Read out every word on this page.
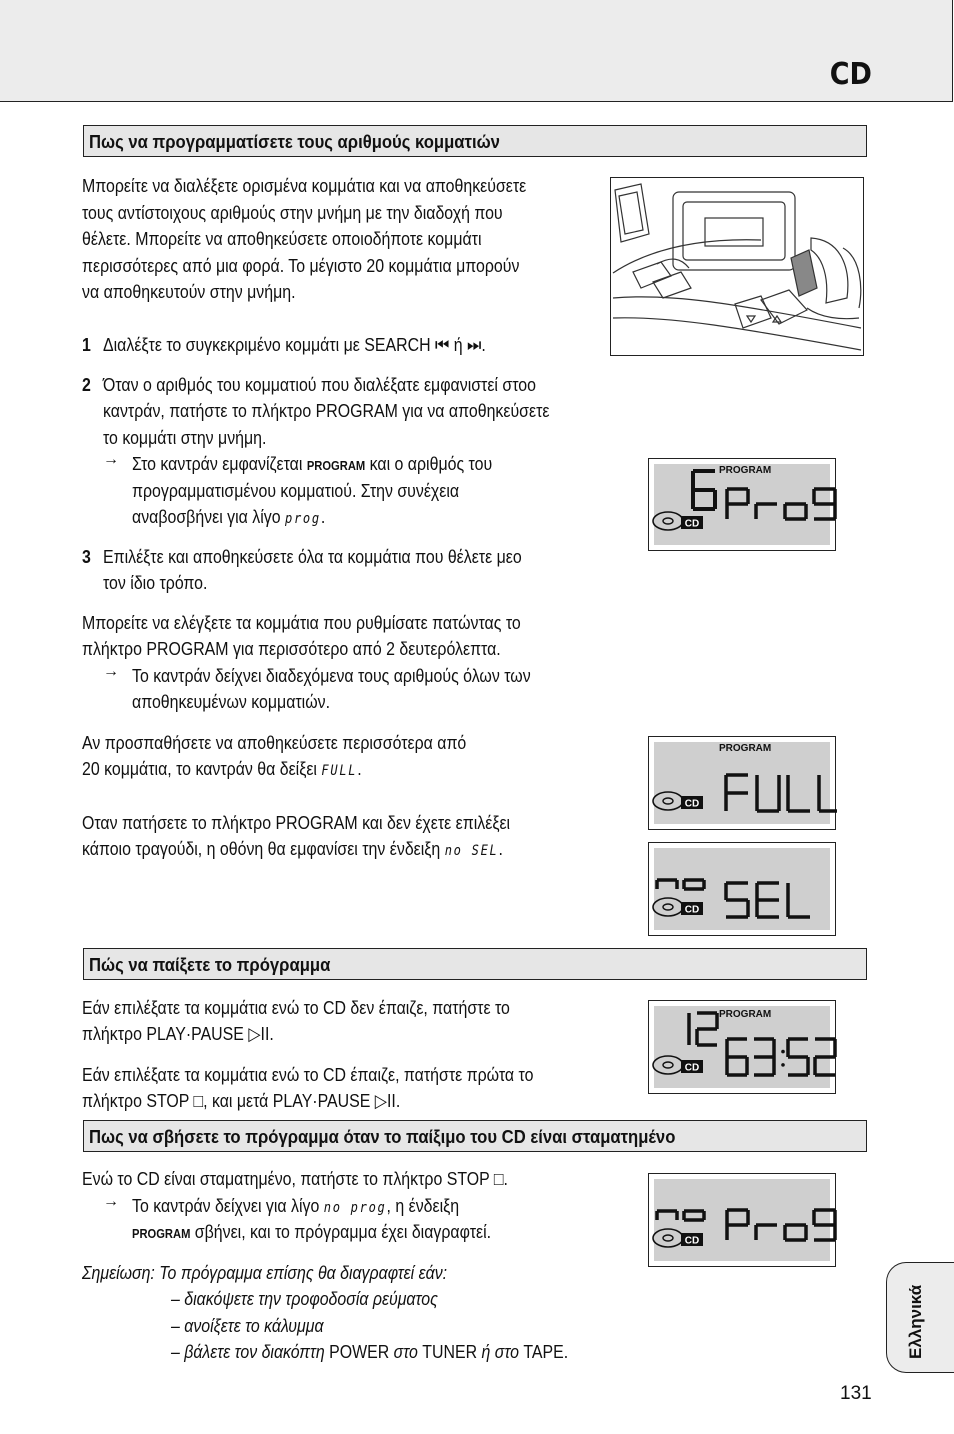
CD
Πως να προγραμματίσετε τους αριθμούς κομματιών
Μπορείτε να διαλέξετε ορισμένα κομμάτια και να αποθηκεύσετε
τους αντίστοιχους αριθμούς στην μνήμη με την διαδοχή που
θέλετε. Μπορείτε να αποθηκεύσετε οποιοδήποτε κομμάτι
περισσότερες από μια φορά. Το μέγιστο 20 κομμάτια μπορούν
να αποθηκευτούν στην μνήμη.
1 Διαλέξτε το συγκεκριμένο κομμάτι με SEARCH ⏮ ή ⏭.
2 Όταν ο αριθμός του κομματιού που διαλέξατε εμφανιστεί στοο
καντράν, πατήστε το πλήκτρο PROGRAM για να αποθηκεύσετε
το κομμάτι στην μνήμη.
→ Στο καντράν εμφανίζεται PROGRAM και ο αριθμός του
προγραμματισμένου κομματιού. Στην συνέχεια
αναβοσβήνει για λίγο prog.
3 Επιλέξτε και αποθηκεύσετε όλα τα κομμάτια που θέλετε μεο
τον ίδιο τρόπο.
Μπορείτε να ελέγξετε τα κομμάτια που ρυθμίσατε πατώντας το
πλήκτρο PROGRAM για περισσότερο από 2 δευτερόλεπτα.
→ Το καντράν δείχνει διαδεχόμενα τους αριθμούς όλων των
αποθηκευμένων κομματιών.
Αν προσπαθήσετε να αποθηκεύσετε περισσότερα από
20 κομμάτια, το καντράν θα δείξει FULL.
Οταν πατήσετε το πλήκτρο PROGRAM και δεν έχετε επιλέξει
κάποιο τραγούδι, η οθόνη θα εμφανίσει την ένδειξη no SEL.
PROGRAM
CD
PROGRAM
CD
CD
Πώς να παίξετε το πρόγραμμα
Εάν επιλέξατε τα κομμάτια ενώ το CD δεν έπαιζε, πατήστε το
πλήκτρο PLAY·PAUSE ▷II.
Εάν επιλέξατε τα κομμάτια ενώ το CD έπαιζε, πατήστε πρώτα το
πλήκτρο STOP □, και μετά PLAY·PAUSE ▷II.
PROGRAM
CD
Πως να σβήσετε το πρόγραμμα όταν το παίξιμο του CD είναι σταματημένο
Ενώ το CD είναι σταματημένο, πατήστε το πλήκτρο STOP □.
→ Το καντράν δείχνει για λίγο no prog, η ένδειξη
PROGRAM σβήνει, και το πρόγραμμα έχει διαγραφτεί.	CD
Σημείωση: Το πρόγραμμα επίσης θα διαγραφτεί εάν:
– διακόψετε την τροφοδοσία ρεύματος
– ανοίξετε το κάλυμμα
– βάλετε τον διακόπτη POWER στο TUNER ή στο TAPE.	Ελληνικά
131
